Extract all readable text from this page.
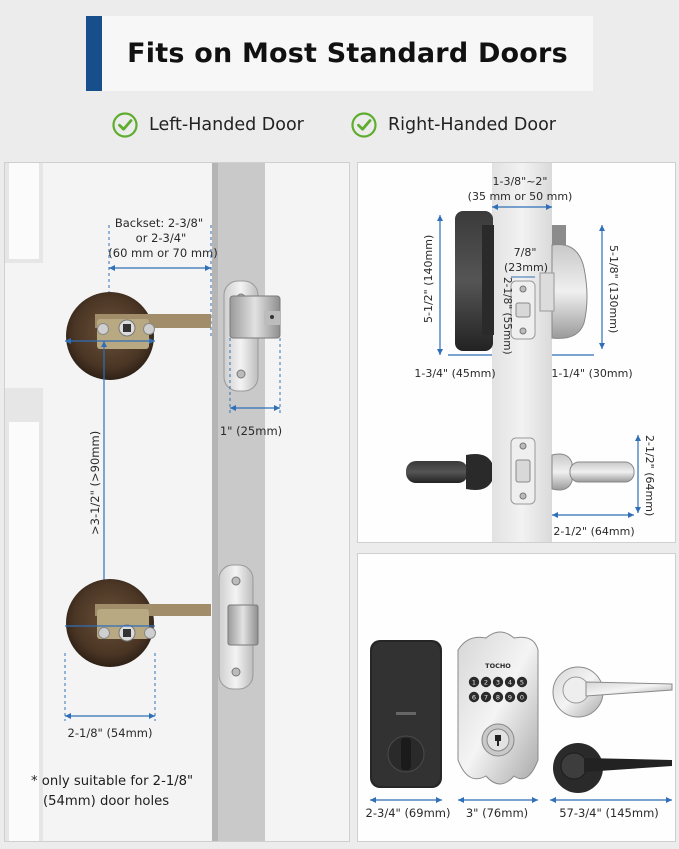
Fits on Most Standard Doors
Left-Handed Door	Right-Handed Door
Backset: 2-3/8"
or 2-3/4"
(60 mm or 70 mm)
1" (25mm)
>3-1/2" (>90mm)
2-1/8" (54mm)
* only suitable for 2-1/8"
(54mm) door holes
1-3/8"~2"
(35 mm or 50 mm)
7/8"
(23mm)
2-1/8" (55mm)
5-1/2" (140mm)	5-1/8" (130mm)
1-3/4" (45mm)	1-1/4" (30mm)
2-1/2" (64mm)
2-1/2" (64mm)
TOCHO
1 2 3 4 5
6 7 8 9 0
2-3/4" (69mm) 3" (76mm)	57-3/4" (145mm)
